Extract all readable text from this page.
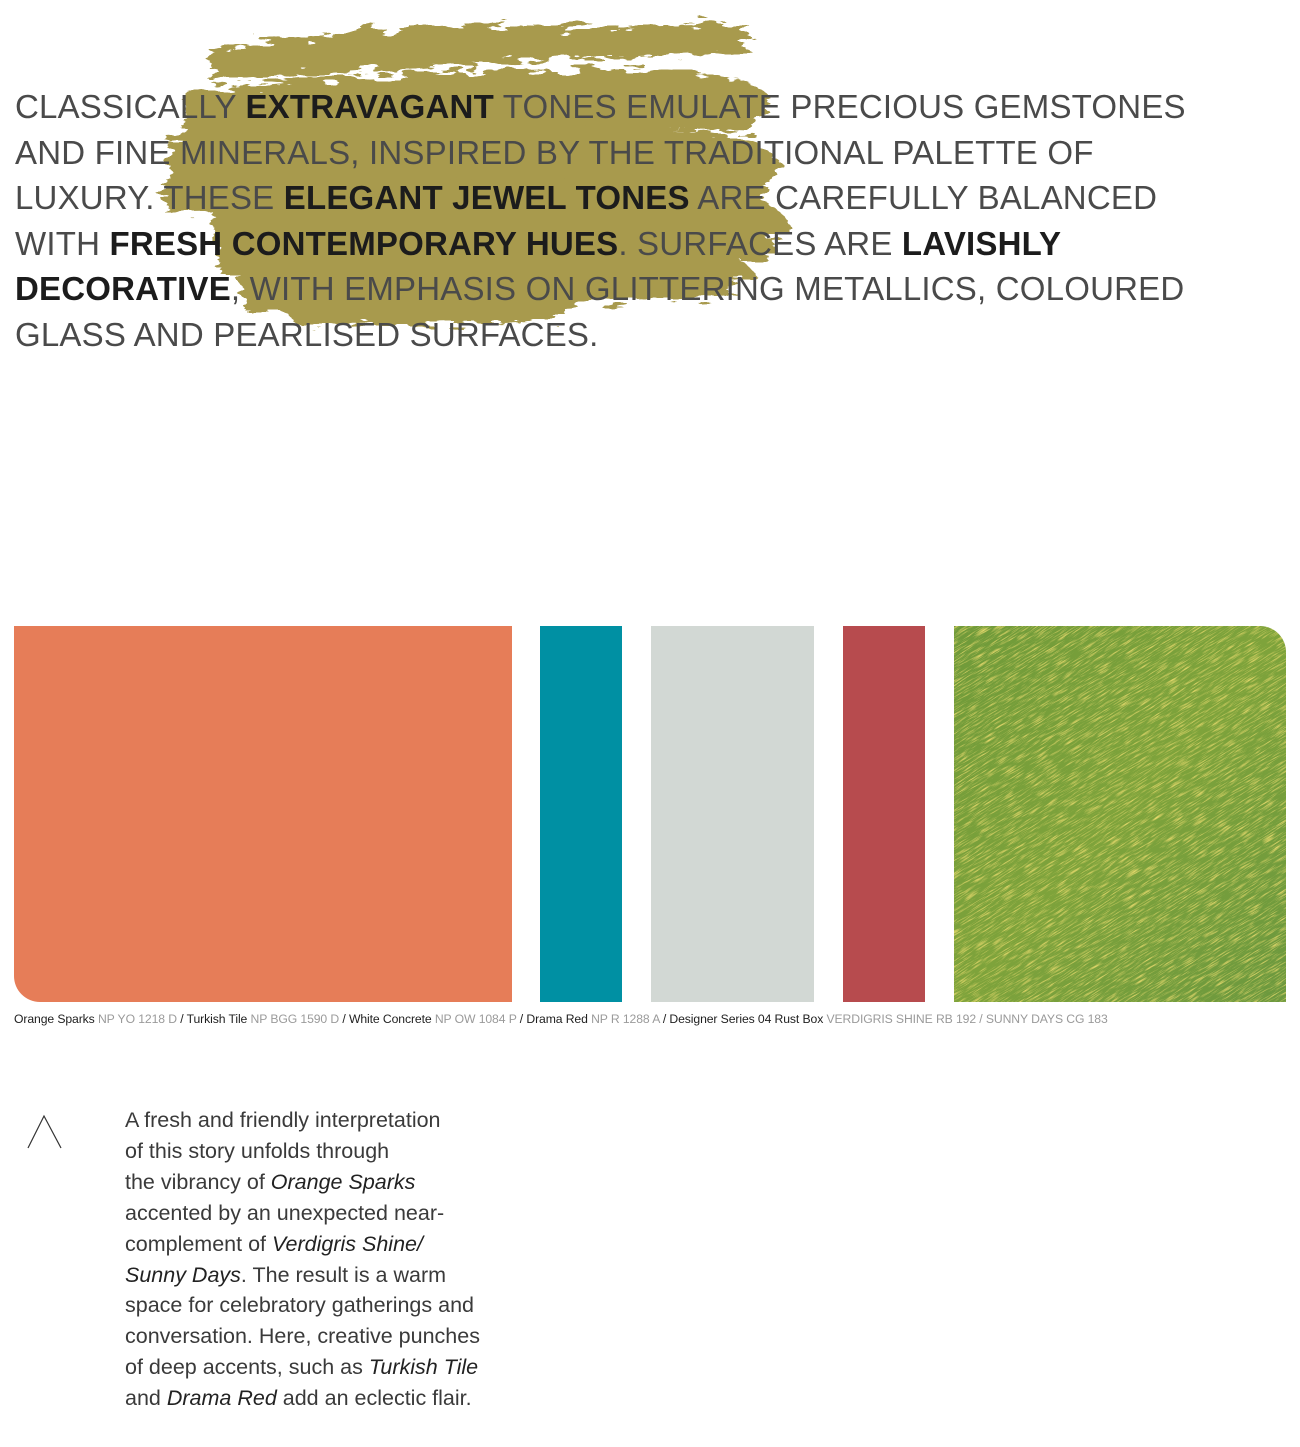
CLASSICALLY EXTRAVAGANT TONES EMULATE PRECIOUS GEMSTONES
AND FINE MINERALS, INSPIRED BY THE TRADITIONAL PALETTE OF
LUXURY. THESE ELEGANT JEWEL TONES ARE CAREFULLY BALANCED
WITH FRESH CONTEMPORARY HUES. SURFACES ARE LAVISHLY
DECORATIVE, WITH EMPHASIS ON GLITTERING METALLICS, COLOURED
GLASS AND PEARLISED SURFACES.

Orange Sparks NP YO 1218 D / Turkish Tile NP BGG 1590 D / White Concrete NP OW 1084 P / Drama Red NP R 1288 A / Designer Series 04 Rust Box VERDIGRIS SHINE RB 192 / SUNNY DAYS CG 183

A fresh and friendly interpretation
of this story unfolds through
the vibrancy of Orange Sparks
accented by an unexpected near-
complement of Verdigris Shine/
Sunny Days. The result is a warm
space for celebratory gatherings and
conversation. Here, creative punches
of deep accents, such as Turkish Tile
and Drama Red add an eclectic flair.
